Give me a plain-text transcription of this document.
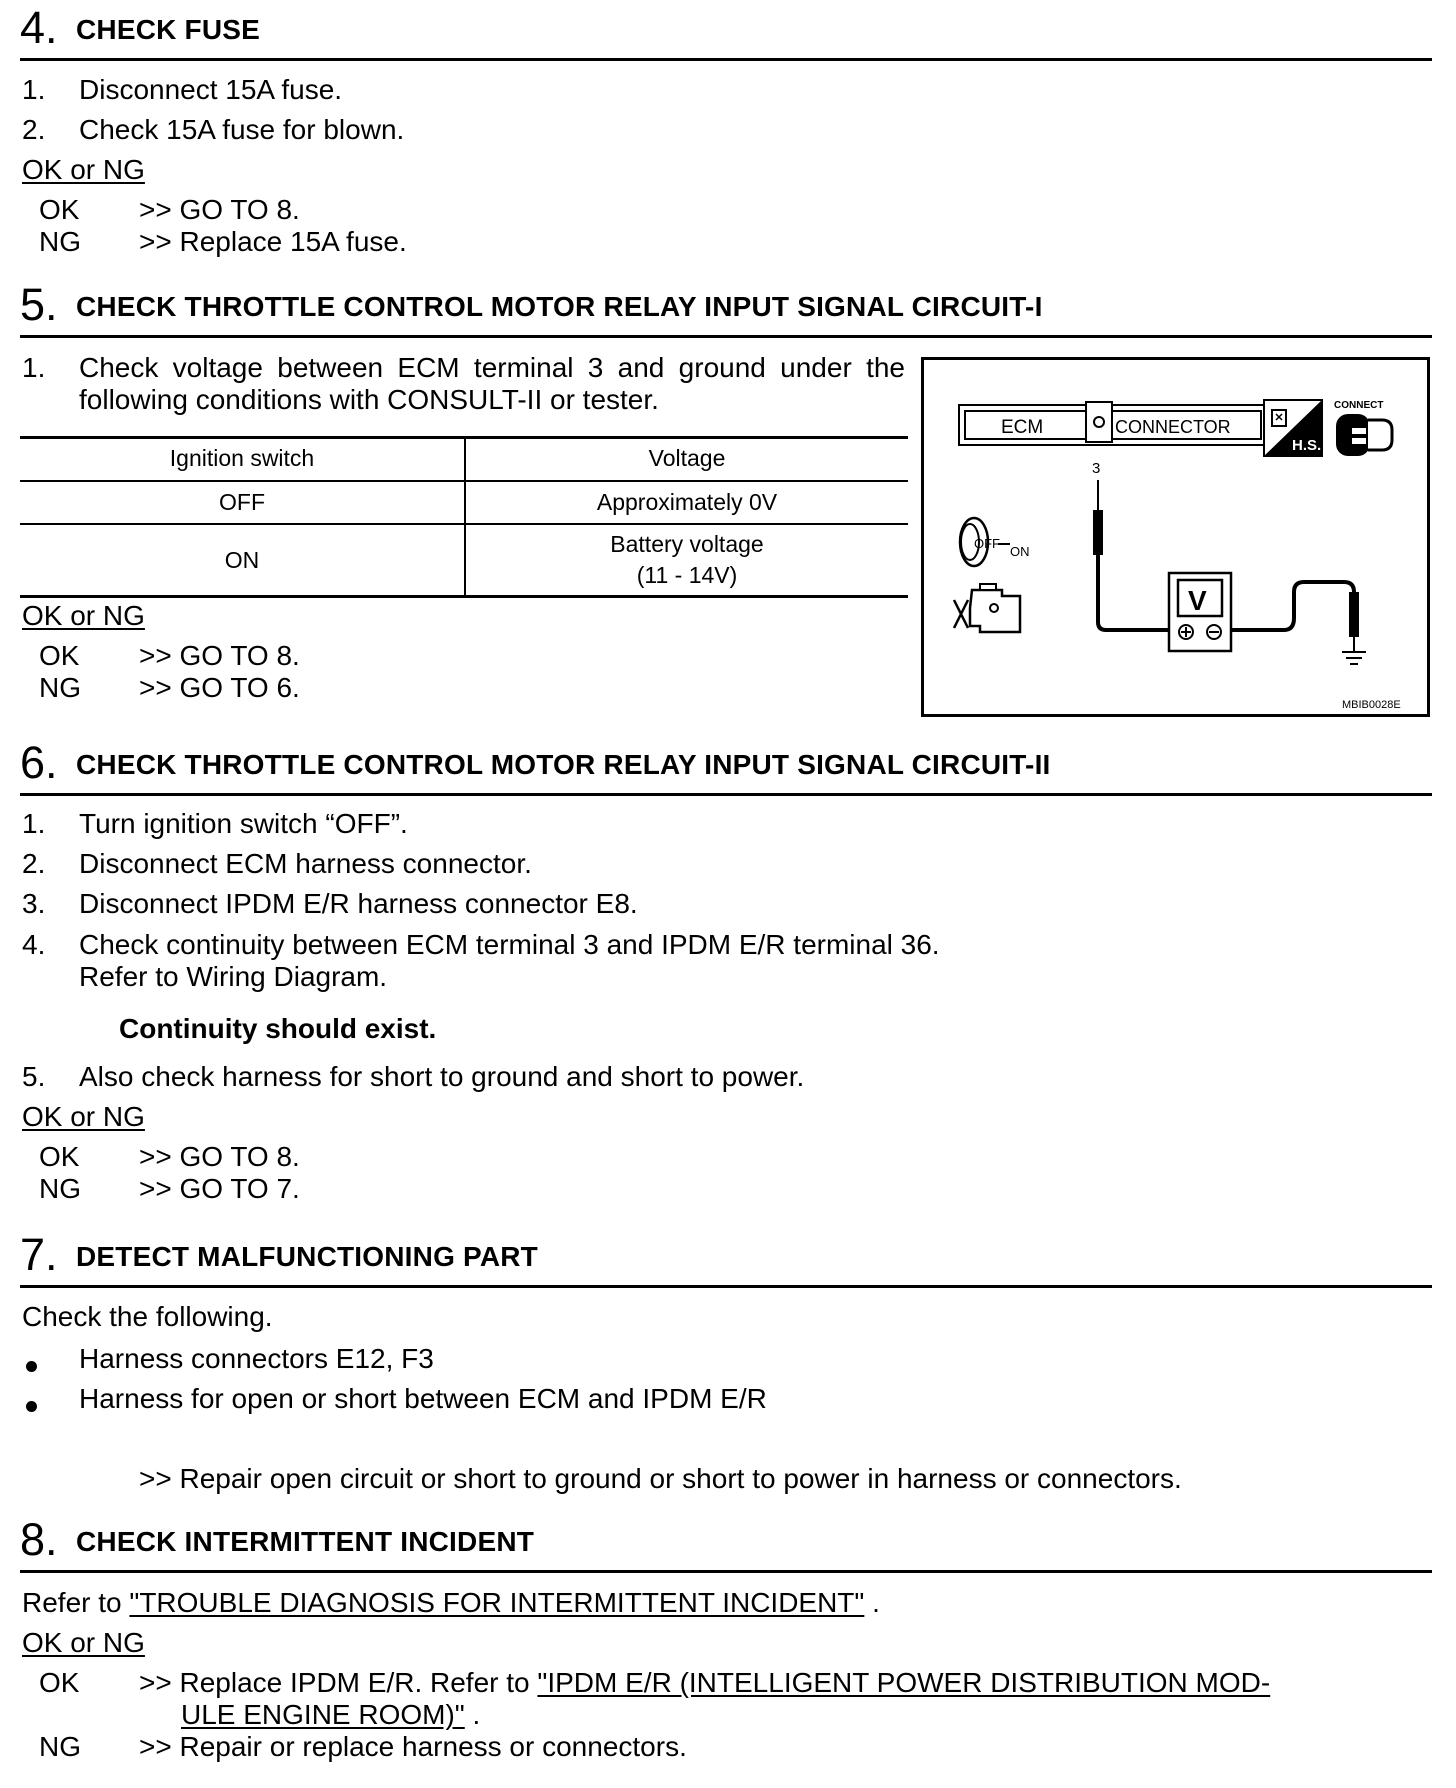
4. CHECK FUSE
1. Disconnect 15A fuse.
2. Check 15A fuse for blown.
OK or NG
OK >> GO TO 8.
NG >> Replace 15A fuse.
5. CHECK THROTTLE CONTROL MOTOR RELAY INPUT SIGNAL CIRCUIT-I
1. Check voltage between ECM terminal 3 and ground under the
following conditions with CONSULT-II or tester.
Ignition switch	Voltage
OFF	Approximately 0V
ON	Battery voltage
(11 - 14V)
OK or NG
OK >> GO TO 8.
NG >> GO TO 6.
ECM	CONNECTOR
3
V
OFF
ON
H.S.
CONNECT
MBIB0028E
6. CHECK THROTTLE CONTROL MOTOR RELAY INPUT SIGNAL CIRCUIT-II
1. Turn ignition switch “OFF”.
2. Disconnect ECM harness connector.
3. Disconnect IPDM E/R harness connector E8.
4. Check continuity between ECM terminal 3 and IPDM E/R terminal 36.
Refer to Wiring Diagram.
Continuity should exist.
5. Also check harness for short to ground and short to power.
OK or NG
OK >> GO TO 8.
NG >> GO TO 7.
7. DETECT MALFUNCTIONING PART
Check the following.
Harness connectors E12, F3
Harness for open or short between ECM and IPDM E/R
>> Repair open circuit or short to ground or short to power in harness or connectors.
8. CHECK INTERMITTENT INCIDENT
Refer to "TROUBLE DIAGNOSIS FOR INTERMITTENT INCIDENT" .
OK or NG
OK >> Replace IPDM E/R. Refer to "IPDM E/R (INTELLIGENT POWER DISTRIBUTION MOD-
ULE ENGINE ROOM)" .
NG >> Repair or replace harness or connectors.
